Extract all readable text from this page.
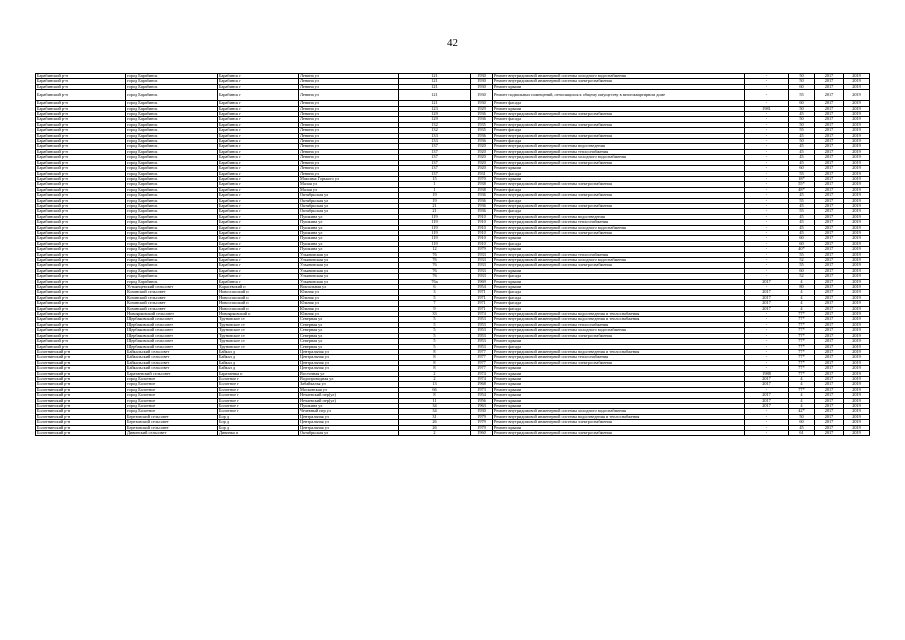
42
Барабинский р-н	город Барабинск	Барабинск г	Ленина ул	121	1930	Ремонт внутридомовой инженерной системы холодного водоснабжения	-	50	2017	2019
Барабинский р-н	город Барабинск	Барабинск г	Ленина ул	121	1930	Ремонт внутридомовой инженерной системы электроснабжения	-	50	2017	2019
Барабинский р-н	город Барабинск	Барабинск г	Ленина ул	121	1930	Ремонт крыши	-	60	2017	2019
Барабинский р-н	город Барабинск	Барабинск г	Ленина ул	121	1930	Ремонт подвальных помещений, относящихся к общему имуществу в многоквартирном доме	-	55	2017	2019
Барабинский р-н	город Барабинск	Барабинск г	Ленина ул	121	1930	Ремонт фасада	-	60	2017	2019
Барабинский р-н	город Барабинск	Барабинск г	Ленина ул	123	1929	Ремонт крыши	1981	50	2017	2019
Барабинский р-н	город Барабинск	Барабинск г	Ленина ул	129	1936	Ремонт внутридомовой инженерной системы электроснабжения	-	45	2017	2019
Барабинский р-н	город Барабинск	Барабинск г	Ленина ул	129	1936	Ремонт фасада	-	50	2017	2019
Барабинский р-н	город Барабинск	Барабинск г	Ленина ул	132	1935	Ремонт внутридомовой инженерной системы электроснабжения	-	50	2017	2019
Барабинский р-н	город Барабинск	Барабинск г	Ленина ул	132	1935	Ремонт фасада	-	55	2017	2019
Барабинский р-н	город Барабинск	Барабинск г	Ленина ул	133	1936	Ремонт внутридомовой инженерной системы электроснабжения	-	45	2017	2019
Барабинский р-н	город Барабинск	Барабинск г	Ленина ул	133	1936	Ремонт фасада	-	50	2017	2019
Барабинский р-н	город Барабинск	Барабинск г	Ленина ул	137	1920	Ремонт внутридомовой инженерной системы водоотведения	-	45	2017	2019
Барабинский р-н	город Барабинск	Барабинск г	Ленина ул	137	1920	Ремонт внутридомовой инженерной системы теплоснабжения	-	45	2017	2019
Барабинский р-н	город Барабинск	Барабинск г	Ленина ул	137	1920	Ремонт внутридомовой инженерной системы холодного водоснабжения	-	45	2017	2019
Барабинский р-н	город Барабинск	Барабинск г	Ленина ул	137	1920	Ремонт внутридомовой инженерной системы электроснабжения	-	45	2017	2019
Барабинский р-н	город Барабинск	Барабинск г	Ленина ул	137	1920	Ремонт крыши	-	60	2017	2019
Барабинский р-н	город Барабинск	Барабинск г	Ленина ул	137	1931	Ремонт фасада	-	55	2017	2019
Барабинский р-н	город Барабинск	Барабинск г	Максима Горького ул	15	1970	Ремонт крыши	-	18*	2017	2019
Барабинский р-н	город Барабинск	Барабинск г	Малая ул	1	1938	Ремонт внутридомовой инженерной системы электроснабжения	-	55*	2017	2019
Барабинский р-н	город Барабинск	Барабинск г	Малая ул	1	1938	Ремонт фасада	-	48*	2017	2019
Барабинский р-н	город Барабинск	Барабинск г	Октябрьская ул	19	1936	Ремонт внутридомовой инженерной системы электроснабжения	-	45	2017	2019
Барабинский р-н	город Барабинск	Барабинск г	Октябрьская ул	19	1936	Ремонт фасада	-	55	2017	2019
Барабинский р-н	город Барабинск	Барабинск г	Октябрьская ул	21	1936	Ремонт внутридомовой инженерной системы электроснабжения	-	45	2017	2019
Барабинский р-н	город Барабинск	Барабинск г	Октябрьская ул	21	1936	Ремонт фасада	-	55	2017	2019
Барабинский р-н	город Барабинск	Барабинск г	Пушкина ул	119	1910	Ремонт внутридомовой инженерной системы водоотведения	-	45	2017	2019
Барабинский р-н	город Барабинск	Барабинск г	Пушкина ул	119	1910	Ремонт внутридомовой инженерной системы теплоснабжения	-	45	2017	2019
Барабинский р-н	город Барабинск	Барабинск г	Пушкина ул	119	1910	Ремонт внутридомовой инженерной системы холодного водоснабжения	-	45	2017	2019
Барабинский р-н	город Барабинск	Барабинск г	Пушкина ул	119	1910	Ремонт внутридомовой инженерной системы электроснабжения	-	45	2017	2019
Барабинский р-н	город Барабинск	Барабинск г	Пушкина ул	119	1910	Ремонт крыши	-	60	2017	2019
Барабинский р-н	город Барабинск	Барабинск г	Пушкина ул	119	1910	Ремонт фасада	-	60	2017	2019
Барабинский р-н	город Барабинск	Барабинск г	Пушкина ул	12	1979	Ремонт крыши	-	40*	2017	2019
Барабинский р-н	город Барабинск	Барабинск г	Ульяновская ул	76	1933	Ремонт внутридомовой инженерной системы теплоснабжения	-	55	2017	2019
Барабинский р-н	город Барабинск	Барабинск г	Ульяновская ул	76	1933	Ремонт внутридомовой инженерной системы холодного водоснабжения	-	52	2017	2019
Барабинский р-н	город Барабинск	Барабинск г	Ульяновская ул	76	1933	Ремонт внутридомовой инженерной системы электроснабжения	-	55	2017	2019
Барабинский р-н	город Барабинск	Барабинск г	Ульяновская ул	76	1933	Ремонт крыши	-	60	2017	2019
Барабинский р-н	город Барабинск	Барабинск г	Ульяновская ул	76	1933	Ремонт фасада	-	52	2017	2019
Барабинский р-н	город Барабинск	Барабинск г	Ульяновская ул	76а	1969	Ремонт крыши	2017	4	2017	2019
Барабинский р-н	Устьянцевский сельсовет	Карасевский п	Вокзальная ул	6	1954	Ремонт крыши	-	80	2017	2019
Барабинский р-н	Козинский сельсовет	Новоспасский п	Южная ул	3	1971	Ремонт фасада	2017	4	2017	2019
Барабинский р-н	Козинский сельсовет	Новоспасский п	Южная ул	5	1971	Ремонт фасада	2017	4	2017	2019
Барабинский р-н	Козинский сельсовет	Новоспасский п	Южная ул	7	1971	Ремонт фасада	2017	4	2017	2019
Барабинский р-н	Козинский сельсовет	Новоспасский п	Южная ул	9	1971	Ремонт фасада	2017	4	2017	2019
Барабинский р-н	Новоярковский сельсовет	Новоярковский п	Южная ул	33	1974	Ремонт внутридомовой инженерной системы водоотведения и теплоснабжения	-	77*	2017	2019
Барабинский р-н	Щербаковский сельсовет	Труновское ст	Северная ул	5	1953	Ремонт внутридомовой инженерной системы водоотведения и теплоснабжения	-	77*	2017	2019
Барабинский р-н	Щербаковский сельсовет	Труновское ст	Северная ул	5	1953	Ремонт внутридомовой инженерной системы теплоснабжения	-	77*	2017	2019
Барабинский р-н	Щербаковский сельсовет	Труновское ст	Северная ул	5	1953	Ремонт внутридомовой инженерной системы холодного водоснабжения	-	77*	2017	2019
Барабинский р-н	Щербаковский сельсовет	Труновское ст	Северная ул	5	1953	Ремонт внутридомовой инженерной системы электроснабжения	-	77*	2017	2019
Барабинский р-н	Щербаковский сельсовет	Труновское ст	Северная ул	5	1953	Ремонт крыши	-	77*	2017	2019
Барабинский р-н	Щербаковский сельсовет	Труновское ст	Северная ул	5	1953	Ремонт фасада	-	77*	2017	2019
Болотнинский р-н	Байкальский сельсовет	Байкал д	Центральная ул	8	1977	Ремонт внутридомовой инженерной системы водоотведения и теплоснабжения	-	77*	2017	2019
Болотнинский р-н	Байкальский сельсовет	Байкал д	Центральная ул	8	1977	Ремонт внутридомовой инженерной системы теплоснабжения	-	77*	2017	2019
Болотнинский р-н	Байкальский сельсовет	Байкал д	Центральная ул	8	1977	Ремонт внутридомовой инженерной системы электроснабжения	-	77*	2017	2019
Болотнинский р-н	Байкальский сельсовет	Байкал д	Центральная ул	8	1977	Ремонт крыши	-	77*	2017	2019
Болотнинский р-н	Баратаевский сельсовет	Баратаевка п	Восточная ул	2	1974	Ремонт крыши	1988	77*	2017	2019
Болотнинский р-н	город Болотное	Болотное г	Водопроводная ул	2	1974	Ремонт крыши	2017	4	2017	2019
Болотнинский р-н	город Болотное	Болотное г	Забайкалья ул	13	1968	Ремонт крыши	2017	4	2017	2019
Болотнинский р-н	город Болотное	Болотное г	Московская ул	66	1973	Ремонт крыши	-	77*	2017	2019
Болотнинский р-н	город Болотное	Болотное г	Нечаевский пер(ул)	8	1954	Ремонт крыши	2017	4	2017	2019
Болотнинский р-н	город Болотное	Болотное г	Нечаевский пер(ул)	11	1956	Ремонт крыши	2017	4	2017	2019
Болотнинский р-н	город Болотное	Болотное г	Пушкина ул	34	1963	Ремонт крыши	2017	4	2017	2019
Болотнинский р-н	город Болотное	Болотное г	Чечевный пер ул	34	1930	Ремонт внутридомовой инженерной системы холодного водоснабжения	-	42*	2017	2019
Болотнинский р-н	Березовский сельсовет	Бор д	Центральная ул	31	1979	Ремонт внутридомовой инженерной системы водоотведения и теплоснабжения	-	50	2017	2019
Болотнинский р-н	Березовский сельсовет	Бор д	Центральная ул	26	1979	Ремонт внутридомовой инженерной системы электроснабжения	-	60	2017	2019
Болотнинский р-н	Березовский сельсовет	Бор д	Центральная ул	26	1979	Ремонт крыши	-	45	2017	2019
Болотнинский р-н	Дивинский сельсовет	Дивинка п	Октябрьская ул	2	1960	Ремонт внутридомовой инженерной системы электроснабжения	-	61	2017	2019
